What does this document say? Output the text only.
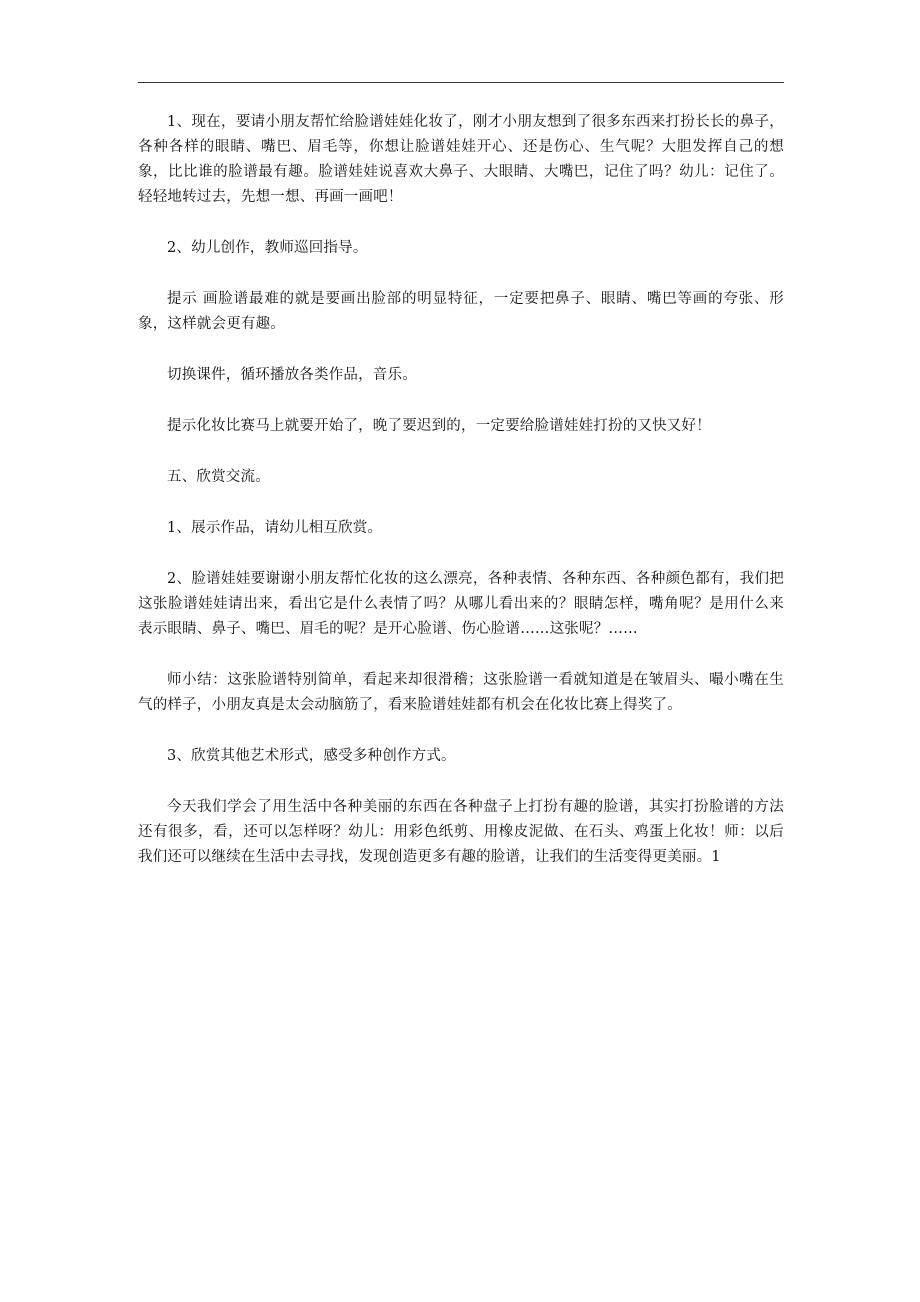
1、现在，要请小朋友帮忙给脸谱娃娃化妆了，刚才小朋友想到了很多东西来打扮长长的鼻子，各种各样的眼睛、嘴巴、眉毛等，你想让脸谱娃娃开心、还是伤心、生气呢？大胆发挥自己的想象，比比谁的脸谱最有趣。脸谱娃娃说喜欢大鼻子、大眼睛、大嘴巴，记住了吗？幼儿：记住了。轻轻地转过去，先想一想、再画一画吧！

2、幼儿创作，教师巡回指导。

提示 画脸谱最难的就是要画出脸部的明显特征，一定要把鼻子、眼睛、嘴巴等画的夸张、形象，这样就会更有趣。

切换课件，循环播放各类作品，音乐。

提示化妆比赛马上就要开始了，晚了要迟到的，一定要给脸谱娃娃打扮的又快又好！

五、欣赏交流。

1、展示作品，请幼儿相互欣赏。

2、脸谱娃娃要谢谢小朋友帮忙化妆的这么漂亮，各种表情、各种东西、各种颜色都有，我们把这张脸谱娃娃请出来，看出它是什么表情了吗？从哪儿看出来的？眼睛怎样，嘴角呢？是用什么来表示眼睛、鼻子、嘴巴、眉毛的呢？是开心脸谱、伤心脸谱……这张呢？……

师小结：这张脸谱特别简单，看起来却很滑稽；这张脸谱一看就知道是在皱眉头、嘬小嘴在生气的样子，小朋友真是太会动脑筋了，看来脸谱娃娃都有机会在化妆比赛上得奖了。

3、欣赏其他艺术形式，感受多种创作方式。

今天我们学会了用生活中各种美丽的东西在各种盘子上打扮有趣的脸谱，其实打扮脸谱的方法还有很多，看，还可以怎样呀？幼儿：用彩色纸剪、用橡皮泥做、在石头、鸡蛋上化妆！师：以后我们还可以继续在生活中去寻找，发现创造更多有趣的脸谱，让我们的生活变得更美丽。1
